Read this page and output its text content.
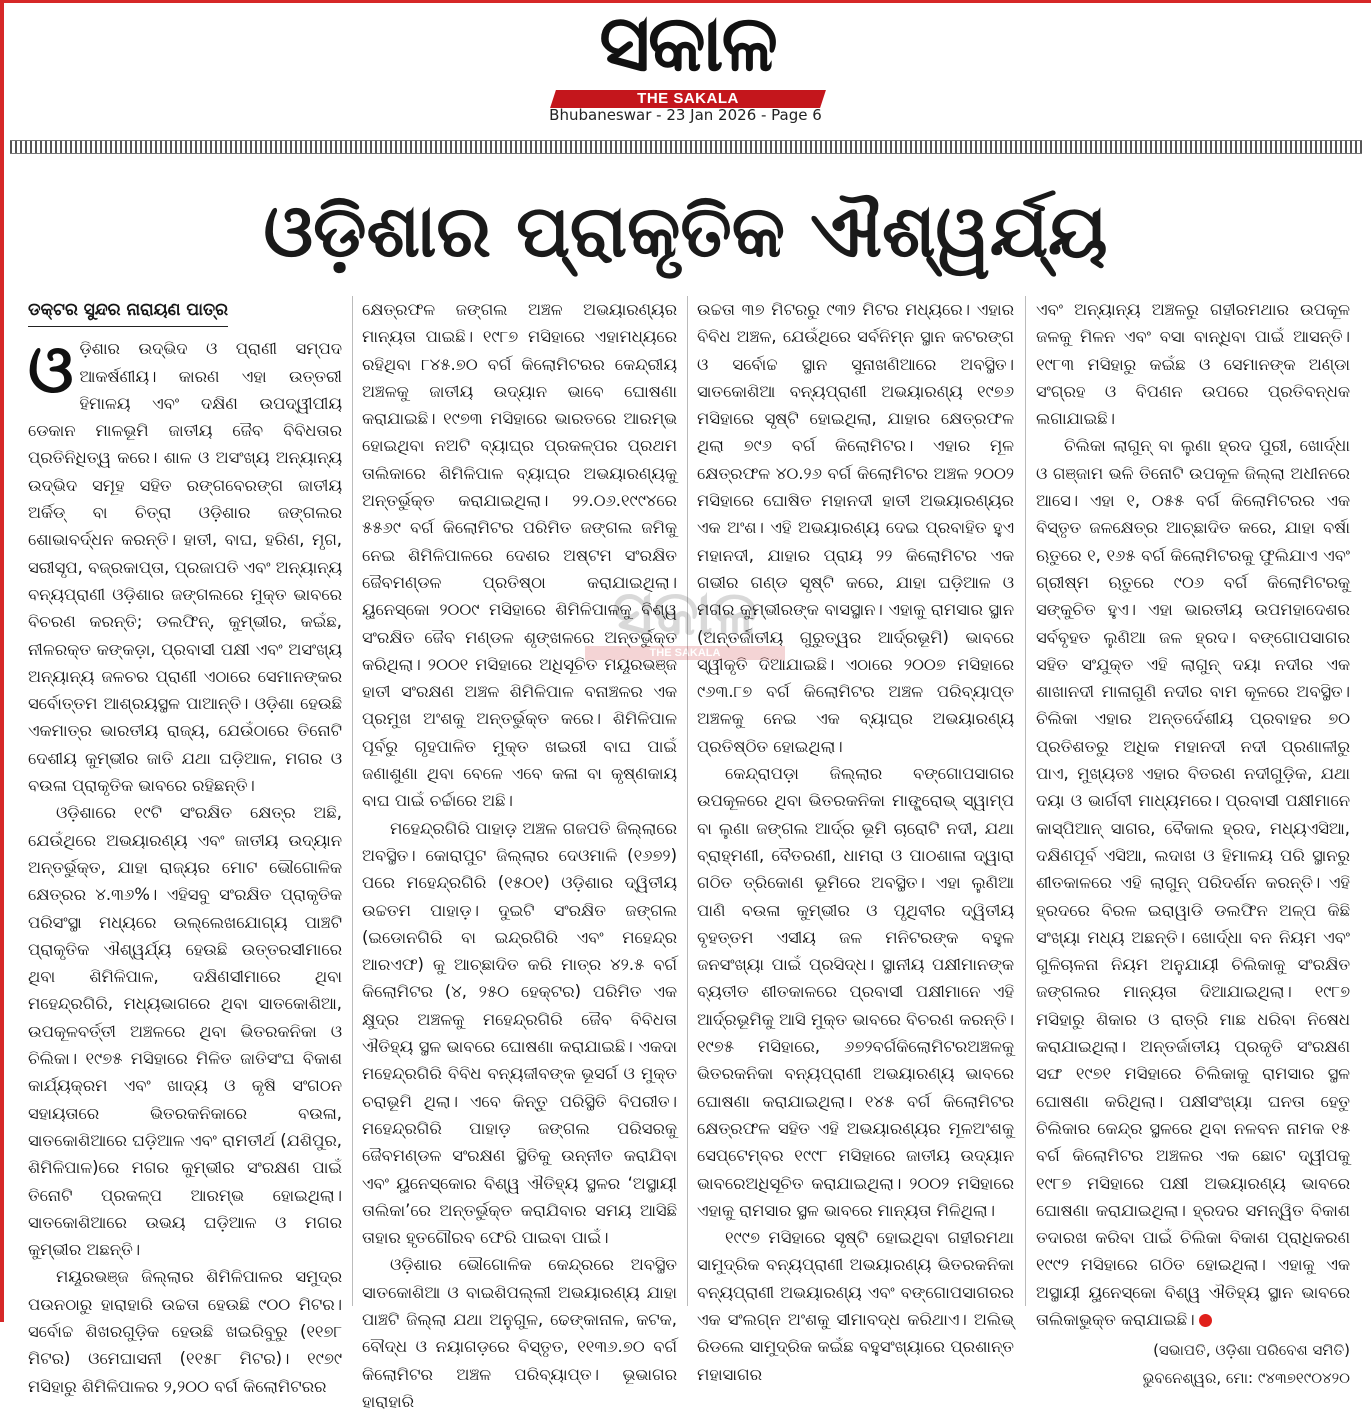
ସକାଳ
THE SAKALA
Bhubaneswar - 23 Jan 2026 - Page 6
ଓଡ଼ିଶାର ପ୍ରାକୃତିକ ଐଶ୍ୱର୍ଯ୍ୟ
ଡକ୍ଟର ସୁନ୍ଦର ନାରାୟଣ ପାତ୍ର

ଓଡ଼ିଶାର ଉଦ୍ଭିଦ ଓ ପ୍ରାଣୀ ସମ୍ପଦ ଆକର୍ଷଣୀୟ। କାରଣ ଏହା ଉତ୍ତରୀ ହିମାଳୟ ଏବଂ ଦକ୍ଷିଣ ଉପଦ୍ୱୀପୀୟ ଡେକାନ ମାଳଭୂମି ଜାତୀୟ ଜୈବ ବିବିଧତାର ପ୍ରତିନିଧିତ୍ୱ କରେ। ଶାଳ ଓ ଅସଂଖ୍ୟ ଅନ୍ୟାନ୍ୟ ଉଦ୍ଭିଦ ସମୂହ ସହିତ ରଙ୍ଗବେରଙ୍ଗ ଜାତୀୟ ଅର୍କିଡ୍ ବା ଚିତ୍ରା ଓଡ଼ିଶାର ଜଙ୍ଗଲର ଶୋଭାବର୍ଦ୍ଧନ କରନ୍ତି। ହାତୀ, ବାଘ, ହରିଣ, ମୃଗ, ସରୀସୃପ, ବଜ୍ରକାପ୍ତା, ପ୍ରଜାପତି ଏବଂ ଅନ୍ୟାନ୍ୟ ବନ୍ୟପ୍ରାଣୀ ଓଡ଼ିଶାର ଜଙ୍ଗଲରେ ମୁକ୍ତ ଭାବରେ ବିଚରଣ କରନ୍ତି; ଡଲଫିନ୍, କୁମ୍ଭୀର, କଇଁଛ, ନୀଳରକ୍ତ କଙ୍କଡ଼ା, ପ୍ରବାସୀ ପକ୍ଷୀ ଏବଂ ଅସଂଖ୍ୟ ଅନ୍ୟାନ୍ୟ ଜଳଚର ପ୍ରାଣୀ ଏଠାରେ ସେମାନଙ୍କର ସର୍ବୋତ୍ତମ ଆଶ୍ରୟସ୍ଥଳ ପାଆନ୍ତି। ଓଡ଼ିଶା ହେଉଛି ଏକମାତ୍ର ଭାରତୀୟ ରାଜ୍ୟ, ଯେଉଁଠାରେ ତିନୋଟି ଦେଶୀୟ କୁମ୍ଭୀର ଜାତି ଯଥା ଘଡ଼ିଆଳ, ମଗର ଓ ବଉଳା ପ୍ରାକୃତିକ ଭାବରେ ରହିଛନ୍ତି।

ଓଡ଼ିଶାରେ ୧୯ଟି ସଂରକ୍ଷିତ କ୍ଷେତ୍ର ଅଛି, ଯେଉଁଥିରେ ଅଭୟାରଣ୍ୟ ଏବଂ ଜାତୀୟ ଉଦ୍ୟାନ ଅନ୍ତର୍ଭୁକ୍ତ, ଯାହା ରାଜ୍ୟର ମୋଟ ଭୌଗୋଳିକ କ୍ଷେତ୍ରର ୪.୩୬%। ଏହିସବୁ ସଂରକ୍ଷିତ ପ୍ରାକୃତିକ ପରିସଂସ୍ଥା ମଧ୍ୟରେ ଉଲ୍ଲେଖଯୋଗ୍ୟ ପାଞ୍ଚଟି ପ୍ରାକୃତିକ ଐଶ୍ୱର୍ଯ୍ୟ ହେଉଛି ଉତ୍ତରସୀମାରେ ଥିବା ଶିମିଳିପାଳ, ଦକ୍ଷିଣସୀମାରେ ଥିବା ମହେନ୍ଦ୍ରଗିରି, ମଧ୍ୟଭାଗରେ ଥିବା ସାତକୋଶିଆ, ଉପକୂଳବର୍ତ୍ତୀ ଅଞ୍ଚଳରେ ଥିବା ଭିତରକନିକା ଓ ଚିଲିକା। ୧୯୭୫ ମସିହାରେ ମିଳିତ ଜାତିସଂଘ ବିକାଶ କାର୍ଯ୍ୟକ୍ରମ ଏବଂ ଖାଦ୍ୟ ଓ କୃଷି ସଂଗଠନ ସହାୟତାରେ ଭିତରକନିକାରେ ବଉଳା, ସାତକୋଶିଆରେ ଘଡ଼ିଆଳ ଏବଂ ରାମତୀର୍ଥ (ଯଶିପୁର, ଶିମିଳିପାଳ)ରେ ମଗର କୁମ୍ଭୀର ସଂରକ୍ଷଣ ପାଇଁ ତିନୋଟି ପ୍ରକଳ୍ପ ଆରମ୍ଭ ହୋଇଥିଲା। ସାତକୋଶିଆରେ ଉଭୟ ଘଡ଼ିଆଳ ଓ ମଗର କୁମ୍ଭୀର ଅଛନ୍ତି।

ମୟୂରଭଞ୍ଜ ଜିଲ୍ଲାର ଶିମିଳିପାଳର ସମୁଦ୍ର ପଉନଠାରୁ ହାରାହାରି ଉଚ୍ଚତା ହେଉଛି ୯୦୦ ମିଟର। ସର୍ବୋଚ୍ଚ ଶିଖରଗୁଡ଼ିକ ହେଉଛି ଖଇରିବୁରୁ (୧୧୭୮ ମିଟର) ଓମେଘାସନୀ (୧୧୫୮ ମିଟର)। ୧୯୭୯ ମସିହାରୁ ଶିମିଳିପାଳର ୨,୨୦୦ ବର୍ଗ କିଲୋମିଟରର

କ୍ଷେତ୍ରଫଳ ଜଙ୍ଗଲ ଅଞ୍ଚଳ ଅଭୟାରଣ୍ୟର ମାନ୍ୟତା ପାଇଛି। ୧୯୮୭ ମସିହାରେ ଏହାମଧ୍ୟରେ ରହିଥିବା ୮୪୫.୭୦ ବର୍ଗ କିଲୋମିଟରର କେନ୍ଦ୍ରୀୟ ଅଞ୍ଚଳକୁ ଜାତୀୟ ଉଦ୍ୟାନ ଭାବେ ଘୋଷଣା କରାଯାଇଛି। ୧୯୭୩ ମସିହାରେ ଭାରତରେ ଆରମ୍ଭ ହୋଇଥିବା ନଅଟି ବ୍ୟାଘ୍ର ପ୍ରକଳ୍ପର ପ୍ରଥମ ତାଲିକାରେ ଶିମିଳିପାଳ ବ୍ୟାଘ୍ର ଅଭୟାରଣ୍ୟକୁ ଅନ୍ତର୍ଭୁକ୍ତ କରାଯାଇଥିଲା। ୨୨.୦୬.୧୯୯୪ରେ ୫୫୬୯ ବର୍ଗ କିଲୋମିଟର ପରିମିତ ଜଙ୍ଗଲ ଜମିକୁ ନେଇ ଶିମିଳିପାଳରେ ଦେଶର ଅଷ୍ଟମ ସଂରକ୍ଷିତ ଜୈବମଣ୍ଡଳ ପ୍ରତିଷ୍ଠା କରାଯାଇଥିଲା। ୟୁନେସ୍କୋ ୨୦୦୯ ମସିହାରେ ଶିମିଳିପାଳକୁ ବିଶ୍ୱ ସଂରକ୍ଷିତ ଜୈବ ମଣ୍ଡଳ ଶୃଙ୍ଖଳରେ ଅନ୍ତର୍ଭୁକ୍ତ କରିଥିଲା। ୨୦୦୧ ମସିହାରେ ଅଧିସୂଚିତ ମୟୂରଭଞ୍ଜ ହାତୀ ସଂରକ୍ଷଣ ଅଞ୍ଚଳ ଶିମିଳିପାଳ ବନାଞ୍ଚଳର ଏକ ପ୍ରମୁଖ ଅଂଶକୁ ଅନ୍ତର୍ଭୁକ୍ତ କରେ। ଶିମିଳିପାଳ ପୂର୍ବରୁ ଗୃହପାଳିତ ମୁକ୍ତ ଖଇରୀ ବାଘ ପାଇଁ ଜଣାଶୁଣା ଥିବା ବେଳେ ଏବେ କଳା ବା କୃଷ୍ଣକାୟ ବାଘ ପାଇଁ ଚର୍ଚ୍ଚାରେ ଅଛି।

ମହେନ୍ଦ୍ରଗିରି ପାହାଡ଼ ଅଞ୍ଚଳ ଗଜପତି ଜିଲ୍ଲାରେ ଅବସ୍ଥିତ। କୋରାପୁଟ ଜିଲ୍ଲାର ଦେଓମାଳି (୧୬୭୨) ପରେ ମହେନ୍ଦ୍ରଗିରି (୧୫୦୧) ଓଡ଼ିଶାର ଦ୍ୱିତୀୟ ଉଚ୍ଚତମ ପାହାଡ଼। ଦୁଇଟି ସଂରକ୍ଷିତ ଜଙ୍ଗଲ (ଇଡୋନଗିରି ବା ଇନ୍ଦ୍ରଗିରି ଏବଂ ମହେନ୍ଦ୍ର ଆରଏଫ) କୁ ଆଚ୍ଛାଦିତ କରି ମାତ୍ର ୪୨.୫ ବର୍ଗ କିଲୋମିଟର (୪, ୨୫୦ ହେକ୍ଟର) ପରିମିତ ଏକ କ୍ଷୁଦ୍ର ଅଞ୍ଚଳକୁ ମହେନ୍ଦ୍ରଗିରି ଜୈବ ବିବିଧତା ଐତିହ୍ୟ ସ୍ଥଳ ଭାବରେ ଘୋଷଣା କରାଯାଇଛି। ଏକଦା ମହେନ୍ଦ୍ରଗିରି ବିବିଧ ବନ୍ୟଜୀବଙ୍କ ଭୂସର୍ଗ ଓ ମୁକ୍ତ ଚରାଭୂମି ଥିଲା। ଏବେ କିନ୍ତୁ ପରିସ୍ଥିତି ବିପରୀତ। ମହେନ୍ଦ୍ରଗିରି ପାହାଡ଼ ଜଙ୍ଗଲ ପରିସରକୁ ଜୈବମଣ୍ଡଳ ସଂରକ୍ଷଣ ସ୍ଥିତିକୁ ଉନ୍ନୀତ କରାଯିବା ଏବଂ ୟୁନେସ୍କୋର ବିଶ୍ୱ ଐତିହ୍ୟ ସ୍ଥଳର ‘ଅସ୍ଥାୟୀ ତାଲିକା’ରେ ଅନ୍ତର୍ଭୁକ୍ତ କରାଯିବାର ସମୟ ଆସିଛି ତାହାର ହୃତଗୌରବ ଫେରି ପାଇବା ପାଇଁ।

ଓଡ଼ିଶାର ଭୌଗୋଳିକ କେନ୍ଦ୍ରରେ ଅବସ୍ଥିତ ସାତକୋଶିଆ ଓ ବାଇଶିପଲ୍ଲୀ ଅଭୟାରଣ୍ୟ ଯାହା ପାଞ୍ଚଟି ଜିଲ୍ଲା ଯଥା ଅନୁଗୁଳ, ଢେଙ୍କାନାଳ, କଟକ, ବୌଦ୍ଧ ଓ ନୟାଗଡ଼ରେ ବିସ୍ତୃତ, ୧୧୩୬.୭୦ ବର୍ଗ କିଲୋମିଟର ଅଞ୍ଚଳ ପରିବ୍ୟାପ୍ତ। ଭୂଭାଗର ହାରାହାରି

ଉଚ୍ଚତା ୩୭ ମିଟରରୁ ୯୩୨ ମିଟର ମଧ୍ୟରେ। ଏହାର ବିବିଧ ଅଞ୍ଚଳ, ଯେଉଁଥିରେ ସର୍ବନିମ୍ନ ସ୍ଥାନ କଟରଙ୍ଗ ଓ ସର୍ବୋଚ୍ଚ ସ୍ଥାନ ସୁନାଖଣିଆରେ ଅବସ୍ଥିତ। ସାତକୋଶିଆ ବନ୍ୟପ୍ରାଣୀ ଅଭୟାରଣ୍ୟ ୧୯୭୬ ମସିହାରେ ସୃଷ୍ଟି ହୋଇଥିଲା, ଯାହାର କ୍ଷେତ୍ରଫଳ ଥିଲା ୭୯୬ ବର୍ଗ କିଲୋମିଟର। ଏହାର ମୂଳ କ୍ଷେତ୍ରଫଳ ୪୦.୨୬ ବର୍ଗ କିଲୋମିଟର ଅଞ୍ଚଳ ୨୦୦୨ ମସିହାରେ ଘୋଷିତ ମହାନଦୀ ହାତୀ ଅଭୟାରଣ୍ୟର ଏକ ଅଂଶ। ଏହି ଅଭୟାରଣ୍ୟ ଦେଇ ପ୍ରବାହିତ ହୁଏ ମହାନଦୀ, ଯାହାର ପ୍ରାୟ ୨୨ କିଲୋମିଟର ଏକ ଗଭୀର ଗଣ୍ଡ ସୃଷ୍ଟି କରେ, ଯାହା ଘଡ଼ିଆଳ ଓ ମଗର କୁମ୍ଭୀରଙ୍କ ବାସସ୍ଥାନ। ଏହାକୁ ରାମସାର ସ୍ଥାନ (ଅନ୍ତର୍ଜାତୀୟ ଗୁରୁତ୍ୱର ଆର୍ଦ୍ରଭୂମି) ଭାବରେ ସ୍ୱୀକୃତି ଦିଆଯାଇଛି। ଏଠାରେ ୨୦୦୭ ମସିହାରେ ୯୬୩.୮୭ ବର୍ଗ କିଲୋମିଟର ଅଞ୍ଚଳ ପରିବ୍ୟାପ୍ତ ଅଞ୍ଚଳକୁ ନେଇ ଏକ ବ୍ୟାଘ୍ର ଅଭୟାରଣ୍ୟ ପ୍ରତିଷ୍ଠିତ ହୋଇଥିଲା।

କେନ୍ଦ୍ରାପଡ଼ା ଜିଲ୍ଲାର ବଙ୍ଗୋପସାଗର ଉପକୂଳରେ ଥିବା ଭିତରକନିକା ମାଙ୍ଗ୍ରୋଭ୍ ସ୍ୱାମ୍ପ ବା ଲୁଣା ଜଙ୍ଗଲ ଆର୍ଦ୍ର ଭୂମି ଚାରୋଟି ନଦୀ, ଯଥା ବ୍ରାହ୍ମଣୀ, ବୈତରଣୀ, ଧାମରା ଓ ପାଠଶାଳା ଦ୍ୱାରା ଗଠିତ ତ୍ରିକୋଣ ଭୂମିରେ ଅବସ୍ଥିତ। ଏହା ଲୁଣିଆ ପାଣି ବଉଳା କୁମ୍ଭୀର ଓ ପୃଥିବୀର ଦ୍ୱିତୀୟ ବୃହତ୍ତମ ଏସୀୟ ଜଳ ମନିଟରଙ୍କ ବହୁଳ ଜନସଂଖ୍ୟା ପାଇଁ ପ୍ରସିଦ୍ଧ। ସ୍ଥାନୀୟ ପକ୍ଷୀମାନଙ୍କ ବ୍ୟତୀତ ଶୀତକାଳରେ ପ୍ରବାସୀ ପକ୍ଷୀମାନେ ଏହି ଆର୍ଦ୍ରଭୂମିକୁ ଆସି ମୁକ୍ତ ଭାବରେ ବିଚରଣ କରନ୍ତି। ୧୯୭୫ ମସିହାରେ, ୬୭୨ବର୍ଗକିଲୋମିଟରଅଞ୍ଚଳକୁ ଭିତରକନିକା ବନ୍ୟପ୍ରାଣୀ ଅଭୟାରଣ୍ୟ ଭାବରେ ଘୋଷଣା କରାଯାଇଥିଲା। ୧୪୫ ବର୍ଗ କିଲୋମିଟର କ୍ଷେତ୍ରଫଳ ସହିତ ଏହି ଅଭୟାରଣ୍ୟର ମୂଳଅଂଶକୁ ସେପ୍ଟେମ୍ବର ୧୯୯୮ ମସିହାରେ ଜାତୀୟ ଉଦ୍ୟାନ ଭାବରେଅଧିସୂଚିତ କରାଯାଇଥିଲା। ୨୦୦୨ ମସିହାରେ ଏହାକୁ ରାମସାର ସ୍ଥଳ ଭାବରେ ମାନ୍ୟତା ମିଳିଥିଲା।

୧୯୯୭ ମସିହାରେ ସୃଷ୍ଟି ହୋଇଥିବା ଗହୀରମଥା ସାମୁଦ୍ରିକ ବନ୍ୟପ୍ରାଣୀ ଅଭୟାରଣ୍ୟ ଭିତରକନିକା ବନ୍ୟପ୍ରାଣୀ ଅଭୟାରଣ୍ୟ ଏବଂ ବଙ୍ଗୋପସାଗରର ଏକ ସଂଲଗ୍ନ ଅଂଶକୁ ସୀମାବଦ୍ଧ କରିଥାଏ। ଅଲିଭ୍ ରିଡଲେ ସାମୁଦ୍ରିକ କଇଁଛ ବହୁସଂଖ୍ୟାରେ ପ୍ରଶାନ୍ତ ମହାସାଗର

ଏବଂ ଅନ୍ୟାନ୍ୟ ଅଞ୍ଚଳରୁ ଗହୀରମଥାର ଉପକୂଳ ଜଳକୁ ମିଳନ ଏବଂ ବସା ବାନ୍ଧିବା ପାଇଁ ଆସନ୍ତି। ୧୯୮୩ ମସିହାରୁ କଇଁଛ ଓ ସେମାନଙ୍କ ଅଣ୍ଡା ସଂଗ୍ରହ ଓ ବିପଣନ ଉପରେ ପ୍ରତିବନ୍ଧକ ଲଗାଯାଇଛି।

ଚିଲିକା ଲାଗୁନ୍ ବା ଲୁଣା ହ୍ରଦ ପୁରୀ, ଖୋର୍ଦ୍ଧା ଓ ଗଞ୍ଜାମ ଭଳି ତିନୋଟି ଉପକୂଳ ଜିଲ୍ଲା ଅଧୀନରେ ଆସେ। ଏହା ୧, ୦୫୫ ବର୍ଗ କିଲୋମିଟରର ଏକ ବିସ୍ତୃତ ଜଳକ୍ଷେତ୍ର ଆଚ୍ଛାଦିତ କରେ, ଯାହା ବର୍ଷା ଋତୁରେ ୧, ୧୬୫ ବର୍ଗ କିଲୋମିଟରକୁ ଫୁଲିଯାଏ ଏବଂ ଗ୍ରୀଷ୍ମ ଋତୁରେ ୯୦୬ ବର୍ଗ କିଲୋମିଟରକୁ ସଙ୍କୁଚିତ ହୁଏ। ଏହା ଭାରତୀୟ ଉପମହାଦେଶର ସର୍ବବୃହତ ଲୁଣିଆ ଜଳ ହ୍ରଦ। ବଙ୍ଗୋପସାଗର ସହିତ ସଂଯୁକ୍ତ ଏହି ଲାଗୁନ୍ ଦୟା ନଦୀର ଏକ ଶାଖାନଦୀ ମାଳାଗୁଣି ନଦୀର ବାମ କୂଳରେ ଅବସ୍ଥିତ। ଚିଲିକା ଏହାର ଅନ୍ତର୍ଦେଶୀୟ ପ୍ରବାହର ୭୦ ପ୍ରତିଶତରୁ ଅଧିକ ମହାନଦୀ ନଦୀ ପ୍ରଣାଳୀରୁ ପାଏ, ମୁଖ୍ୟତଃ ଏହାର ବିତରଣ ନଦୀଗୁଡ଼ିକ, ଯଥା ଦୟା ଓ ଭାର୍ଗବୀ ମାଧ୍ୟମରେ। ପ୍ରବାସୀ ପକ୍ଷୀମାନେ କାସ୍ପିଆନ୍ ସାଗର, ବୈକାଲ ହ୍ରଦ, ମଧ୍ୟଏସିଆ, ଦକ୍ଷିଣପୂର୍ବ ଏସିଆ, ଲଦାଖ ଓ ହିମାଳୟ ପରି ସ୍ଥାନରୁ ଶୀତକାଳରେ ଏହି ଲାଗୁନ୍ ପରିଦର୍ଶନ କରନ୍ତି। ଏହି ହ୍ରଦରେ ବିରଳ ଇରାୱାଡି ଡଲଫିନ ଅଳ୍ପ କିଛି ସଂଖ୍ୟା ମଧ୍ୟ ଅଛନ୍ତି। ଖୋର୍ଦ୍ଧା ବନ ନିୟମ ଏବଂ ଗୁଳିଚାଳନା ନିୟମ ଅନୁଯାୟୀ ଚିଲିକାକୁ ସଂରକ୍ଷିତ ଜଙ୍ଗଲର ମାନ୍ୟତା ଦିଆଯାଇଥିଲା। ୧୯୮୭ ମସିହାରୁ ଶିକାର ଓ ରାତ୍ରି ମାଛ ଧରିବା ନିଷେଧ କରାଯାଇଥିଲା। ଅନ୍ତର୍ଜାତୀୟ ପ୍ରକୃତି ସଂରକ୍ଷଣ ସଙ୍ଘ ୧୯୭୧ ମସିହାରେ ଚିଲିକାକୁ ରାମସାର ସ୍ଥଳ ଘୋଷଣା କରିଥିଲା। ପକ୍ଷୀସଂଖ୍ୟା ଘନତା ହେତୁ ଚିଲିକାର କେନ୍ଦ୍ର ସ୍ଥଳରେ ଥିବା ନଳବନ ନାମକ ୧୫ ବର୍ଗ କିଲୋମିଟର ଅଞ୍ଚଳର ଏକ ଛୋଟ ଦ୍ୱୀପକୁ ୧୯୮୭ ମସିହାରେ ପକ୍ଷୀ ଅଭୟାରଣ୍ୟ ଭାବରେ ଘୋଷଣା କରାଯାଇଥିଲା। ହ୍ରଦର ସମନ୍ୱିତ ବିକାଶ ତଦାରଖ କରିବା ପାଇଁ ଚିଲିକା ବିକାଶ ପ୍ରାଧିକରଣ ୧୯୯୨ ମସିହାରେ ଗଠିତ ହୋଇଥିଲା। ଏହାକୁ ଏକ ଅସ୍ଥାୟୀ ୟୁନେସ୍କୋ ବିଶ୍ୱ ଐତିହ୍ୟ ସ୍ଥାନ ଭାବରେ ତାଲିକାଭୁକ୍ତ କରାଯାଇଛି।

(ସଭାପତି, ଓଡ଼ିଶା ପରିବେଶ ସମିତି)
ଭୁବନେଶ୍ୱର, ମୋ: ୯୪୩୭୧୯୦୪୨୦
ସକାଳ
THE SAKALA
